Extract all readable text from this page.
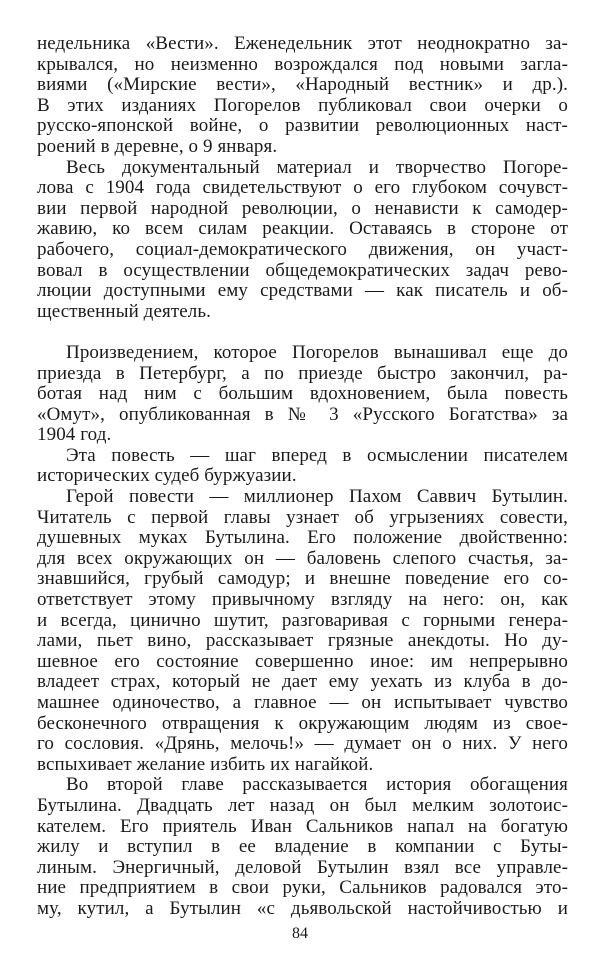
недельника «Вести». Еженедельник этот неоднократно за-
крывался, но неизменно возрождался под новыми загла-
виями («Мирские вести», «Народный вестник» и др.).
В этих изданиях Погорелов публиковал свои очерки о
русско-японской войне, о развитии революционных наст-
роений в деревне, о 9 января.
Весь документальный материал и творчество Погоре-
лова с 1904 года свидетельствуют о его глубоком сочувст-
вии первой народной революции, о ненависти к самодер-
жавию, ко всем силам реакции. Оставаясь в стороне от
рабочего, социал-демократического движения, он участ-
вовал в осуществлении общедемократических задач рево-
люции доступными ему средствами — как писатель и об-
щественный деятель.
Произведением, которое Погорелов вынашивал еще до
приезда в Петербург, а по приезде быстро закончил, ра-
ботая над ним с большим вдохновением, была повесть
«Омут», опубликованная в № 3 «Русского Богатства» за
1904 год.
Эта повесть — шаг вперед в осмыслении писателем
исторических судеб буржуазии.
Герой повести — миллионер Пахом Саввич Бутылин.
Читатель с первой главы узнает об угрызениях совести,
душевных муках Бутылина. Его положение двойственно:
для всех окружающих он — баловень слепого счастья, за-
знавшийся, грубый самодур; и внешне поведение его со-
ответствует этому привычному взгляду на него: он, как
и всегда, цинично шутит, разговаривая с горными генера-
лами, пьет вино, рассказывает грязные анекдоты. Но ду-
шевное его состояние совершенно иное: им непрерывно
владеет страх, который не дает ему уехать из клуба в до-
машнее одиночество, а главное — он испытывает чувство
бесконечного отвращения к окружающим людям из свое-
го сословия. «Дрянь, мелочь!» — думает он о них. У него
вспыхивает желание избить их нагайкой.
Во второй главе рассказывается история обогащения
Бутылина. Двадцать лет назад он был мелким золотоис-
кателем. Его приятель Иван Сальников напал на богатую
жилу и вступил в ее владение в компании с Буты-
лины‌м. Энергичный, деловой Бутылин взял все управле-
ние предприятием в свои руки, Сальников радовался это-
му, кутил, а Бутылин «с дьявольской настойчивостью и
84
